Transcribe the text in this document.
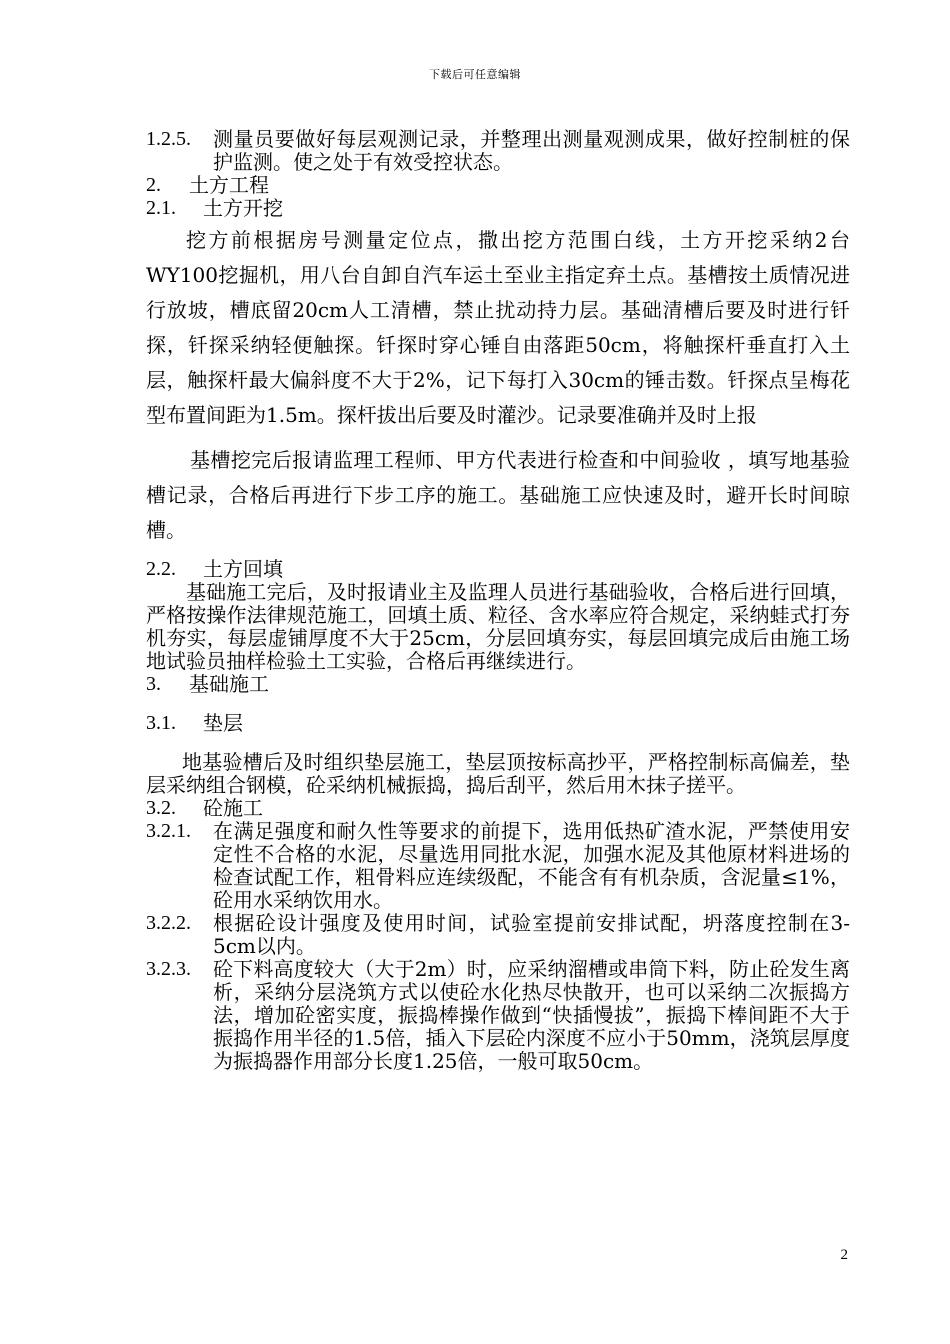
下载后可任意编辑
1.2.5.	测量员要做好每层观测记录，并整理出测量观测成果，做好控制桩的保护监测。使之处于有效受控状态。
2.	土方工程
2.1.	土方开挖
挖方前根据房号测量定位点，撒出挖方范围白线，土方开挖采纳2台WY100挖掘机，用八台自卸自汽车运土至业主指定弃土点。基槽按土质情况进行放坡，槽底留20cm人工清槽，禁止扰动持力层。基础清槽后要及时进行钎探，钎探采纳轻便触探。钎探时穿心锤自由落距50cm，将触探杆垂直打入土层，触探杆最大偏斜度不大于2%，记下每打入30cm的锤击数。钎探点呈梅花型布置间距为1.5m。探杆拔出后要及时灌沙。记录要准确并及时上报
基槽挖完后报请监理工程师、甲方代表进行检查和中间验收 ，填写地基验槽记录，合格后再进行下步工序的施工。基础施工应快速及时，避开长时间晾槽。
2.2.	土方回填
基础施工完后，及时报请业主及监理人员进行基础验收，合格后进行回填，严格按操作法律规范施工，回填土质、粒径、含水率应符合规定，采纳蛙式打夯机夯实，每层虚铺厚度不大于25cm，分层回填夯实，每层回填完成后由施工场地试验员抽样检验土工实验，合格后再继续进行。
3.	基础施工
3.1.	垫层
地基验槽后及时组织垫层施工，垫层顶按标高抄平，严格控制标高偏差，垫层采纳组合钢模，砼采纳机械振捣，捣后刮平，然后用木抹子搓平。
3.2.	砼施工
3.2.1.	在满足强度和耐久性等要求的前提下，选用低热矿渣水泥，严禁使用安定性不合格的水泥，尽量选用同批水泥，加强水泥及其他原材料进场的检查试配工作，粗骨料应连续级配，不能含有有机杂质，含泥量≤1%，砼用水采纳饮用水。
3.2.2.	根据砼设计强度及使用时间，试验室提前安排试配，坍落度控制在3-5cm以内。
3.2.3.	砼下料高度较大（大于2m）时，应采纳溜槽或串筒下料，防止砼发生离析，采纳分层浇筑方式以使砼水化热尽快散开，也可以采纳二次振捣方法，增加砼密实度，振捣棒操作做到“快插慢拔”，振捣下棒间距不大于振捣作用半径的1.5倍，插入下层砼内深度不应小于50mm，浇筑层厚度为振捣器作用部分长度1.25倍，一般可取50cm。
2
